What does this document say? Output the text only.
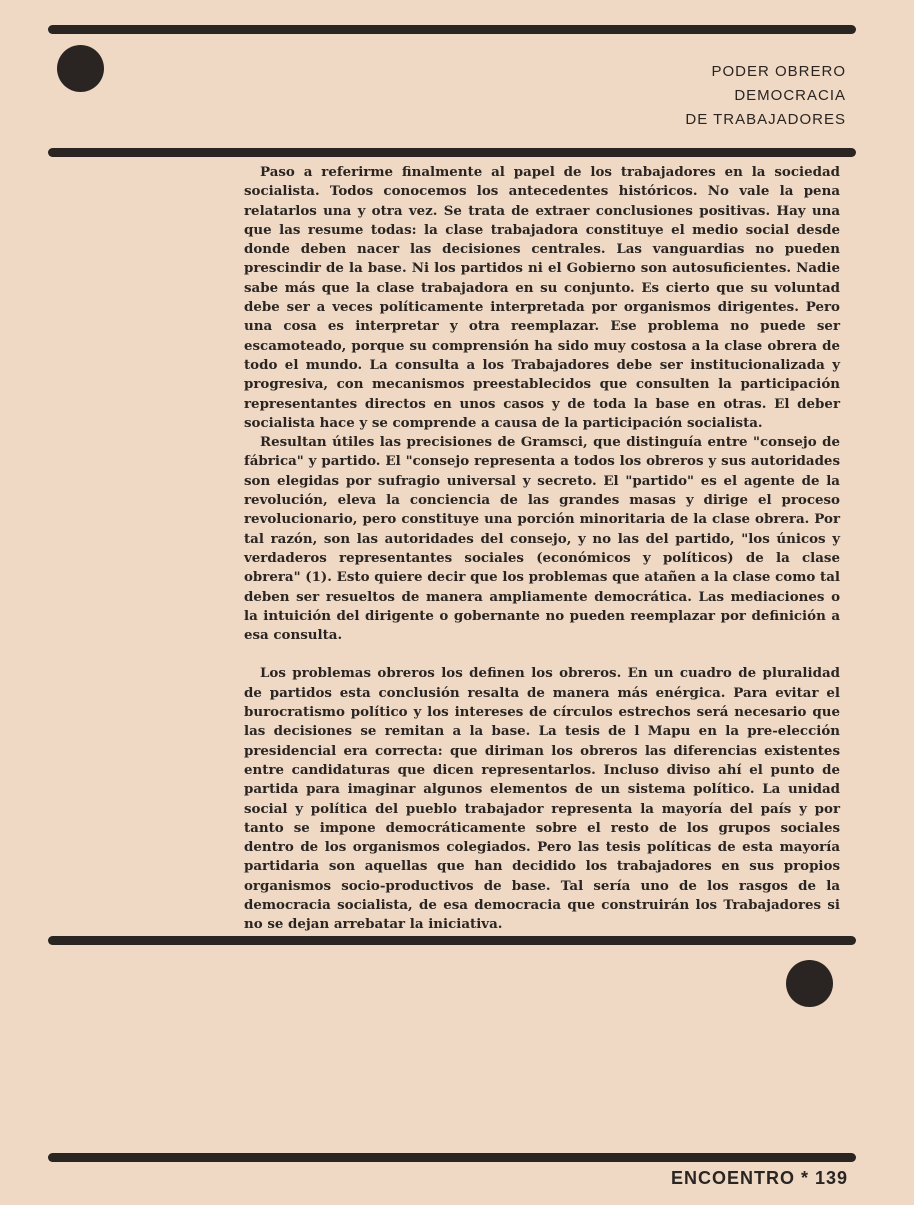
PODER OBRERO
DEMOCRACIA
DE TRABAJADORES

Paso a referirme finalmente al papel de los trabajadores en la sociedad socialista. Todos conocemos los antecedentes históricos. No vale la pena relatarlos una y otra vez. Se trata de extraer conclusiones positivas. Hay una que las resume todas: la clase trabajadora constituye el medio social desde donde deben nacer las decisiones centrales. Las vanguardias no pueden prescindir de la base. Ni los partidos ni el Gobierno son autosuficientes. Nadie sabe más que la clase trabajadora en su conjunto. Es cierto que su voluntad debe ser a veces políticamente interpretada por organismos dirigentes. Pero una cosa es interpretar y otra reemplazar. Ese problema no puede ser escamoteado, porque su comprensión ha sido muy costosa a la clase obrera de todo el mundo. La consulta a los Trabajadores debe ser institucionalizada y progresiva, con mecanismos preestablecidos que consulten la participación representantes directos en unos casos y de toda la base en otras. El deber socialista hace y se comprende a causa de la participación socialista.

Resultan útiles las precisiones de Gramsci, que distinguía entre "consejo de fábrica" y partido. El "consejo representa a todos los obreros y sus autoridades son elegidas por sufragio universal y secreto. El "partido" es el agente de la revolución, eleva la conciencia de las grandes masas y dirige el proceso revolucionario, pero constituye una porción minoritaria de la clase obrera. Por tal razón, son las autoridades del consejo, y no las del partido, "los únicos y verdaderos representantes sociales (económicos y políticos) de la clase obrera" (1). Esto quiere decir que los problemas que atañen a la clase como tal deben ser resueltos de manera ampliamente democrática. Las mediaciones o la intuición del dirigente o gobernante no pueden reemplazar por definición a esa consulta.

Los problemas obreros los definen los obreros. En un cuadro de pluralidad de partidos esta conclusión resalta de manera más enérgica. Para evitar el burocratismo político y los intereses de círculos estrechos será necesario que las decisiones se remitan a la base. La tesis de l Mapu en la pre-elección presidencial era correcta: que diriman los obreros las diferencias existentes entre candidaturas que dicen representarlos. Incluso diviso ahí el punto de partida para imaginar algunos elementos de un sistema político. La unidad social y política del pueblo trabajador representa la mayoría del país y por tanto se impone democráticamente sobre el resto de los grupos sociales dentro de los organismos colegiados. Pero las tesis políticas de esta mayoría partidaria son aquellas que han decidido los trabajadores en sus propios organismos socio-productivos de base. Tal sería uno de los rasgos de la democracia socialista, de esa democracia que construirán los Trabajadores si no se dejan arrebatar la iniciativa.

ENCOENTRO * 139
